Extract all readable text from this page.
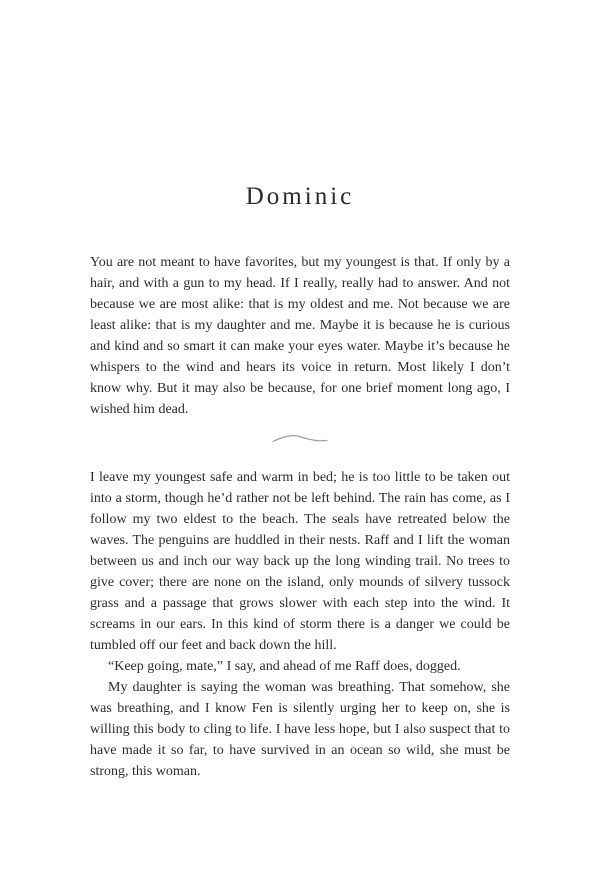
Dominic

You are not meant to have favorites, but my youngest is that. If only by a hair, and with a gun to my head. If I really, really had to answer. And not because we are most alike: that is my oldest and me. Not because we are least alike: that is my daughter and me. Maybe it is because he is curious and kind and so smart it can make your eyes water. Maybe it’s because he whispers to the wind and hears its voice in return. Most likely I don’t know why. But it may also be because, for one brief moment long ago, I wished him dead.

I leave my youngest safe and warm in bed; he is too little to be taken out into a storm, though he’d rather not be left behind. The rain has come, as I follow my two eldest to the beach. The seals have retreated below the waves. The penguins are huddled in their nests. Raff and I lift the woman between us and inch our way back up the long winding trail. No trees to give cover; there are none on the island, only mounds of silvery tussock grass and a passage that grows slower with each step into the wind. It screams in our ears. In this kind of storm there is a danger we could be tumbled off our feet and back down the hill.

“Keep going, mate,” I say, and ahead of me Raff does, dogged.

My daughter is saying the woman was breathing. That somehow, she was breathing, and I know Fen is silently urging her to keep on, she is willing this body to cling to life. I have less hope, but I also suspect that to have made it so far, to have survived in an ocean so wild, she must be strong, this woman.
